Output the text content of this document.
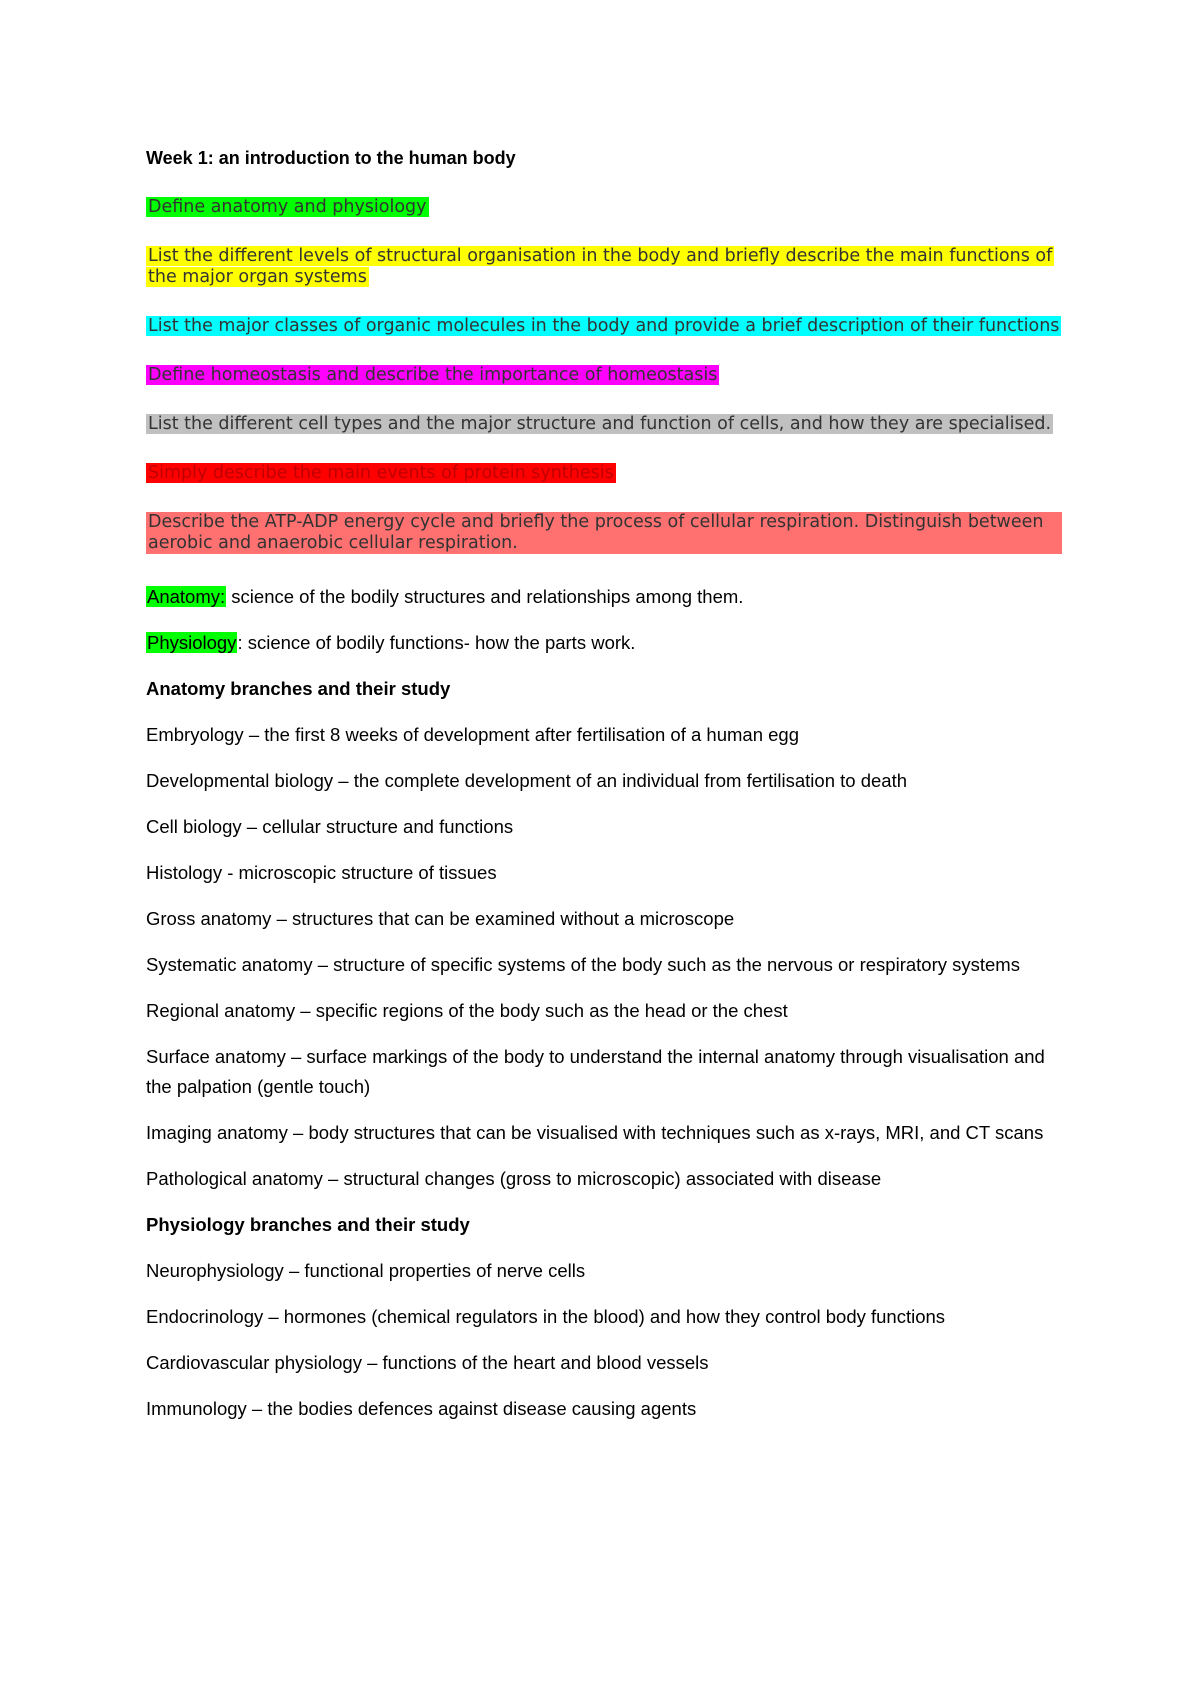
Week 1: an introduction to the human body
Define anatomy and physiology
List the different levels of structural organisation in the body and briefly describe the main functions of the major organ systems
List the major classes of organic molecules in the body and provide a brief description of their functions
Define homeostasis and describe the importance of homeostasis
List the different cell types and the major structure and function of cells, and how they are specialised.
Simply describe the main events of protein synthesis
Describe the ATP-ADP energy cycle and briefly the process of cellular respiration. Distinguish between aerobic and anaerobic cellular respiration.

Anatomy: science of the bodily structures and relationships among them.

Physiology: science of bodily functions- how the parts work.

Anatomy branches and their study

Embryology – the first 8 weeks of development after fertilisation of a human egg

Developmental biology – the complete development of an individual from fertilisation to death

Cell biology – cellular structure and functions

Histology - microscopic structure of tissues

Gross anatomy – structures that can be examined without a microscope

Systematic anatomy – structure of specific systems of the body such as the nervous or respiratory systems

Regional anatomy – specific regions of the body such as the head or the chest

Surface anatomy – surface markings of the body to understand the internal anatomy through visualisation and the palpation (gentle touch)

Imaging anatomy – body structures that can be visualised with techniques such as x-rays, MRI, and CT scans

Pathological anatomy – structural changes (gross to microscopic) associated with disease

Physiology branches and their study

Neurophysiology – functional properties of nerve cells

Endocrinology – hormones (chemical regulators in the blood) and how they control body functions

Cardiovascular physiology – functions of the heart and blood vessels

Immunology – the bodies defences against disease causing agents
